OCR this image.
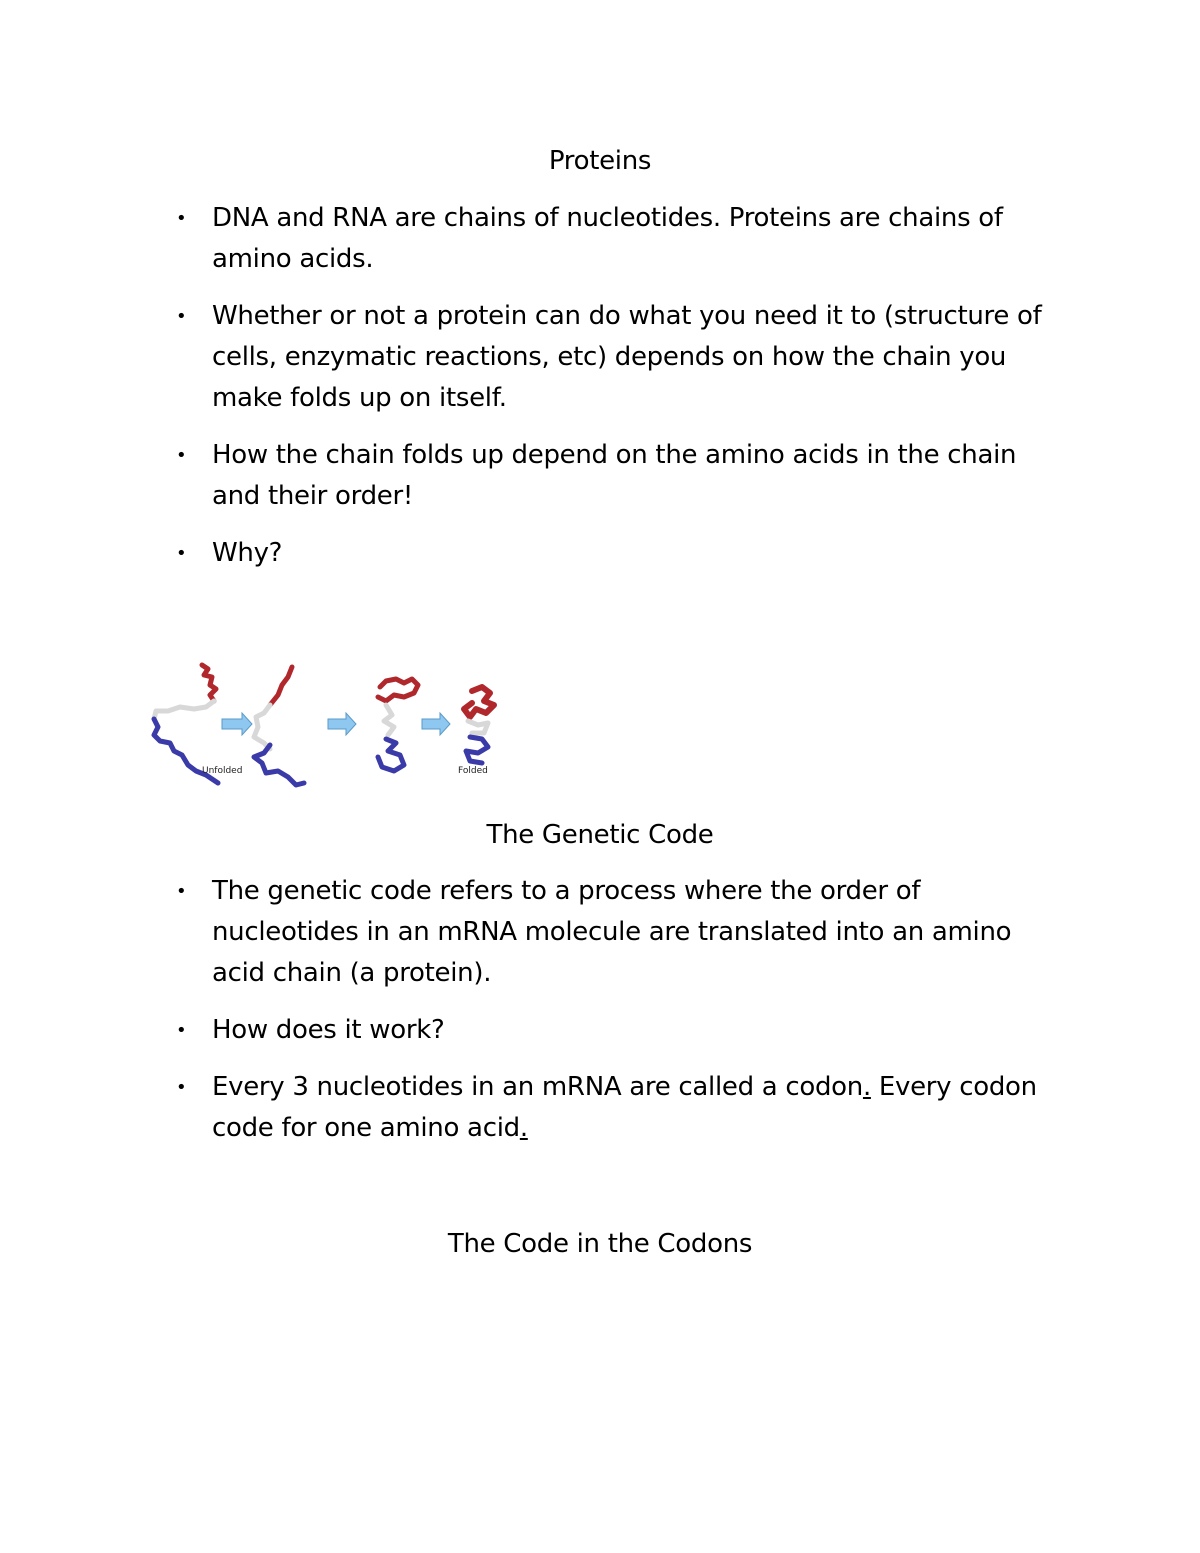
Proteins
• DNA and RNA are chains of nucleotides. Proteins are chains of amino acids.
• Whether or not a protein can do what you need it to (structure of cells, enzymatic reactions, etc) depends on how the chain you make folds up on itself.
• How the chain folds up depend on the amino acids in the chain and their order!
• Why?
Unfolded	Folded
The Genetic Code
• The genetic code refers to a process where the order of nucleotides in an mRNA molecule are translated into an amino acid chain (a protein).
• How does it work?
• Every 3 nucleotides in an mRNA are called a codon. Every codon code for one amino acid.
The Code in the Codons
